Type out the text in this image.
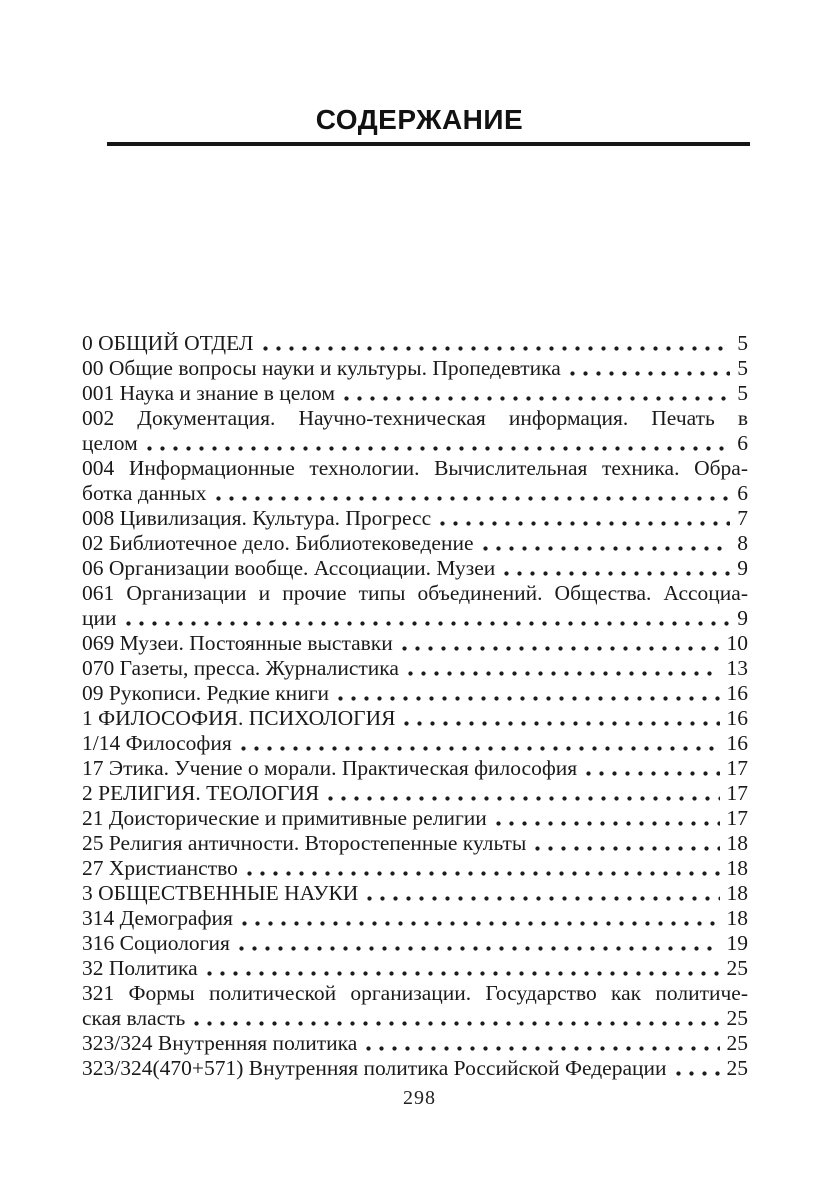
СОДЕРЖАНИЕ
0 ОБЩИЙ ОТДЕЛ	5
00 Общие вопросы науки и культуры. Пропедевтика	5
001 Наука и знание в целом	5
002 Документация. Научно-техническая информация. Печать в
целом	6
004 Информационные технологии. Вычислительная техника. Обра-
ботка данных	6
008 Цивилизация. Культура. Прогресс	7
02 Библиотечное дело. Библиотековедение	8
06 Организации вообще. Ассоциации. Музеи	9
061 Организации и прочие типы объединений. Общества. Ассоциа-
ции	9
069 Музеи. Постоянные выставки	10
070 Газеты, пресса. Журналистика	13
09 Рукописи. Редкие книги	16
1 ФИЛОСОФИЯ. ПСИХОЛОГИЯ	16
1/14 Философия	16
17 Этика. Учение о морали. Практическая философия	17
2 РЕЛИГИЯ. ТЕОЛОГИЯ	17
21 Доисторические и примитивные религии	17
25 Религия античности. Второстепенные культы	18
27 Христианство	18
3 ОБЩЕСТВЕННЫЕ НАУКИ	18
314 Демография	18
316 Социология	19
32 Политика	25
321 Формы политической организации. Государство как политиче-
ская власть	25
323/324 Внутренняя политика	25
323/324(470+571) Внутренняя политика Российской Федерации	25
298
